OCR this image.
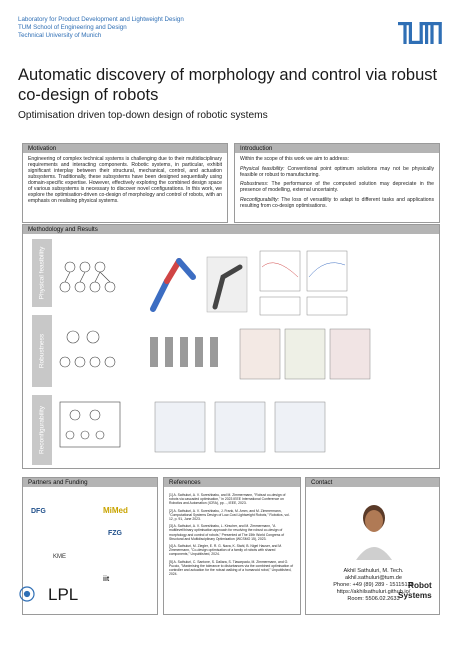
Laboratory for Product Development and Lightweight Design
TUM School of Engineering and Design
Technical University of Munich
Automatic discovery of morphology and control via robust co-design of robots
Optimisation driven top-down design of robotic systems
Motivation

Engineering of complex technical systems is challenging due to their multidisciplinary requirements and interacting components. Robotic systems, in particular, exhibit significant interplay between their structural, mechanical, control, and actuation subsystems. Traditionally, these subsystems have been designed sequentially using domain-specific expertise. However, effectively exploring the combined design space of various subsystems is necessary to discover novel configurations. In this work, we explore the optimisation-driven co-design of morphology and control of robots, with an emphasis on realising physical systems.

Introduction

Within the scope of this work we aim to address:

Physical feasibility: Conventional point optimum solutions may not be physically feasible or robust to manufacturing.

Robustness: The performance of the computed solution may depreciate in the presence of modelling, external uncertainty.

Reconfigurability: The loss of versatility to adapt to different tasks and applications resulting from co-design optimisations.

Methodology and Results
Physical feasibility
Robustness
Reconfigurability
Partners and Funding
DFG	MiMed
FZG
KME
iit
References
[1] A. Sathuluri, A. V. Sureshbabu, and M. Zimmermann, "Robust co-design of robots via cascaded optimisation," in 2023 IEEE International Conference on Robotics and Automation (ICRA), pp. -, IEEE, 2023.
[2] A. Sathuluri, A. V. Sureshbabu, J. Frank, M. Amm, and M. Zimmermann, "Computational Systems Design of Low-Cost Lightweight Robots," Robotics, vol. 12, p. 91, June 2023.
[3] A. Sathuluri, A. V. Sureshbabu, L. Kirscher, and M. Zimmermann, "A multilevel/binary optimisation approach for resolving the robust co-design of morphology and control of robots," Presented at The 15th World Congress of Structural and Multidisciplinary Optimization (WCSMO 15), 2023.
[4] A. Sathuluri, M. Ziegler, E. R. G. Nava, K. Stahl, B. Nigel Hauser, and M. Zimmermann, "Co-design optimisation of a family of robots with shared components," Unpublished, 2024.
[5] A. Sathuluri, C. Santone, S. Daliara, S. Tlasarpadu, M. Zimmermann, and O. Puccio, "Maximising the tolerance to disturbances via the combined optimisation of controller and actuation for the robust walking of a humanoid robot," Unpublished, 2024.
Contact
Akhil Sathuluri, M. Tech.
akhil.sathuluri@tum.de
Phone: +49 (89) 289 - 15115136
https://akhilsathuluri.github.io/
Room: 5506.02.2633
LPL	Robot
Systems
